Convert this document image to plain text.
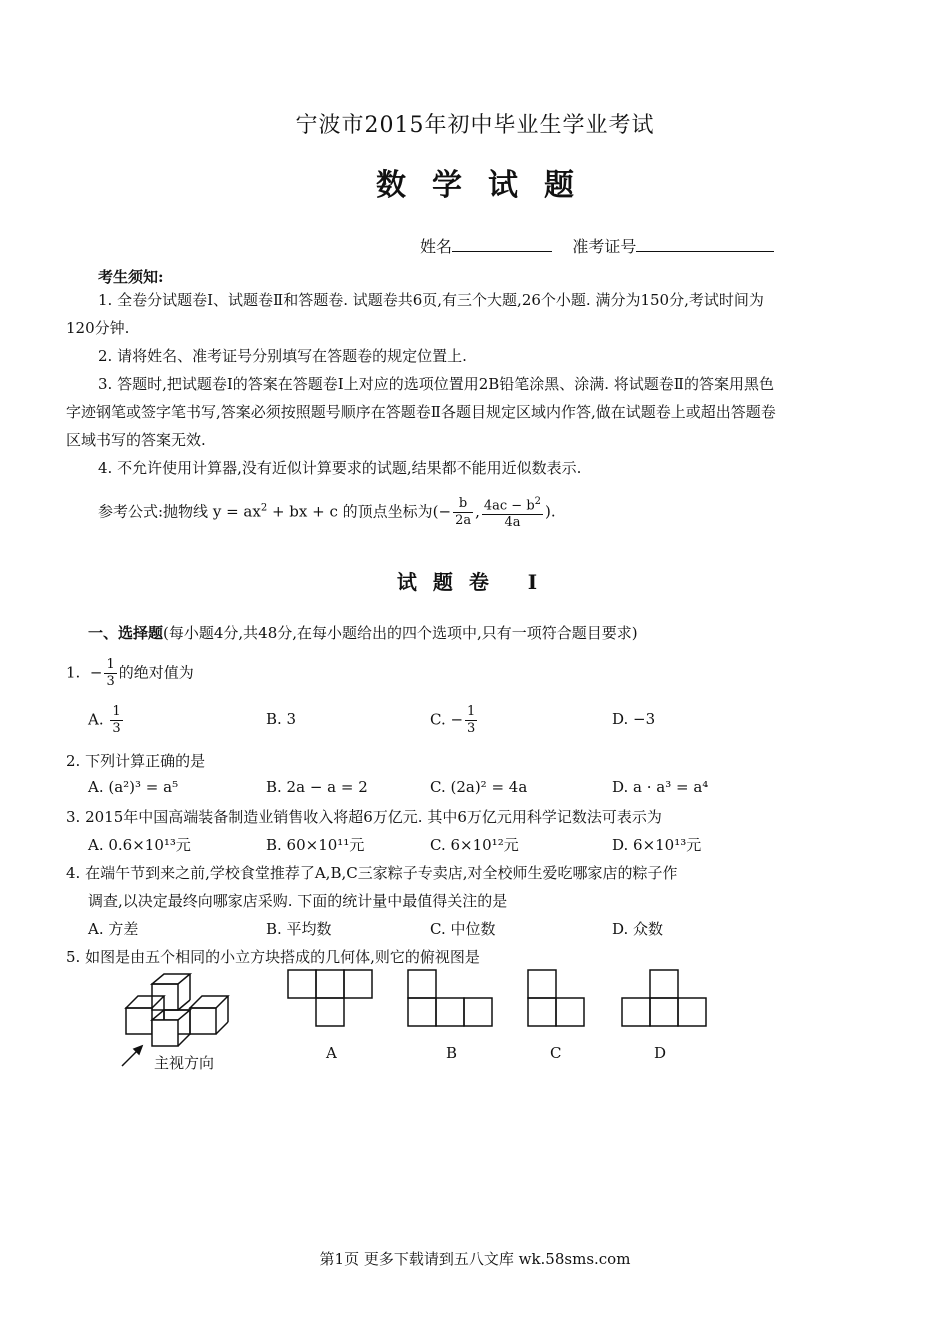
宁波市2015年初中毕业生学业考试
数学试题
姓名	准考证号
考生须知:
1. 全卷分试题卷Ⅰ、试题卷Ⅱ和答题卷. 试题卷共6页,有三个大题,26个小题. 满分为150分,考试时间为120分钟.
2. 请将姓名、准考证号分别填写在答题卷的规定位置上.
3. 答题时,把试题卷Ⅰ的答案在答题卷Ⅰ上对应的选项位置用2B铅笔涂黑、涂满. 将试题卷Ⅱ的答案用黑色字迹钢笔或签字笔书写,答案必须按照题号顺序在答题卷Ⅱ各题目规定区域内作答,做在试题卷上或超出答题卷区域书写的答案无效.
4. 不允许使用计算器,没有近似计算要求的试题,结果都不能用近似数表示.
参考公式:抛物线 $y = ax^2$ + bx + c 的顶点坐标为(− $\frac{b}{2a}$ , $\frac{4ac - b^2}{4a}$ ).
试题卷 Ⅰ
一、选择题(每小题4分,共48分,在每小题给出的四个选项中,只有一项符合题目要求)
1. − $\frac{1}{3}$ 的绝对值为
A. $\frac{1}{3}$	B. 3	C. − $\frac{1}{3}$	D. −3
2. 下列计算正确的是
A. (a²)³ = a⁵	B. 2a − a = 2	C. (2a)² = 4a	D. a · a³ = a⁴
3. 2015年中国高端装备制造业销售收入将超6万亿元. 其中6万亿元用科学记数法可表示为
A. 0.6×10¹³元	B. 60×10¹¹元	C. 6×10¹²元	D. 6×10¹³元
4. 在端午节到来之前,学校食堂推荐了A,B,C三家粽子专卖店,对全校师生爱吃哪家店的粽子作
调查,以决定最终向哪家店采购. 下面的统计量中最值得关注的是
A. 方差	B. 平均数	C. 中位数	D. 众数
5. 如图是由五个相同的小立方块搭成的几何体,则它的俯视图是
主视方向
A	B	C	D
第1页 更多下载请到五八文库 wk.58sms.com
